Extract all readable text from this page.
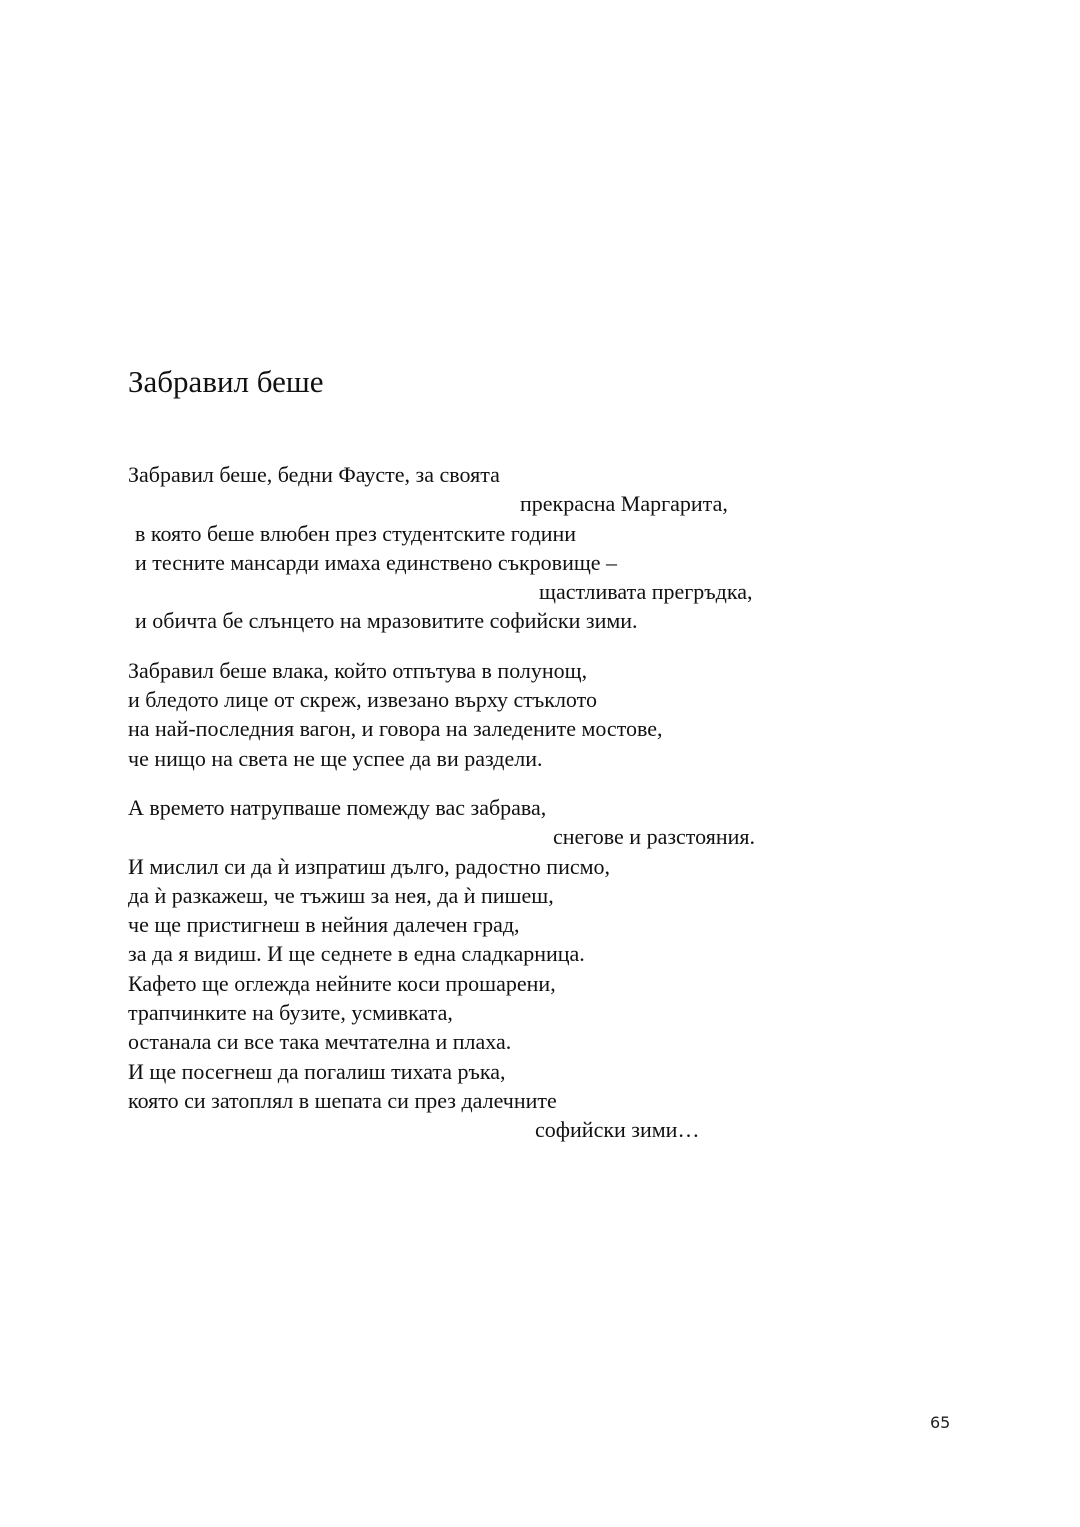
Забравил беше
Забравил беше, бедни Фаусте, за своята
прекрасна Маргарита,
в която беше влюбен през студентските години
и тесните мансарди имаха единствено съкровище –
щастливата прегръдка,
и обичта бе слънцето на мразовитите софийски зими.
Забравил беше влака, който отпътува в полунощ,
и бледото лице от скреж, извезано върху стъклото
на най-последния вагон, и говора на заледените мостове,
че нищо на света не ще успее да ви раздели.
А времето натрупваше помежду вас забрава,
снегове и разстояния.
И мислил си да ѝ изпратиш дълго, радостно писмо,
да ѝ разкажеш, че тъжиш за нея, да ѝ пишеш,
че ще пристигнеш в нейния далечен град,
за да я видиш. И ще седнете в една сладкарница.
Кафето ще оглежда нейните коси прошарени,
трапчинките на бузите, усмивката,
останала си все така мечтателна и плаха.
И ще посегнеш да погалиш тихата ръка,
която си затоплял в шепата си през далечните
софийски зими…
65
